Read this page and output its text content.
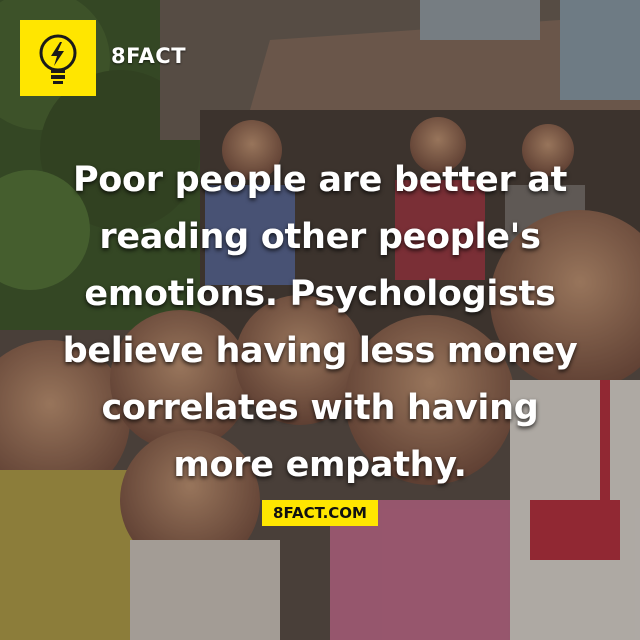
8FACT
Poor people are better at
reading other people's
emotions. Psychologists
believe having less money
correlates with having
more empathy.
8FACT.COM
